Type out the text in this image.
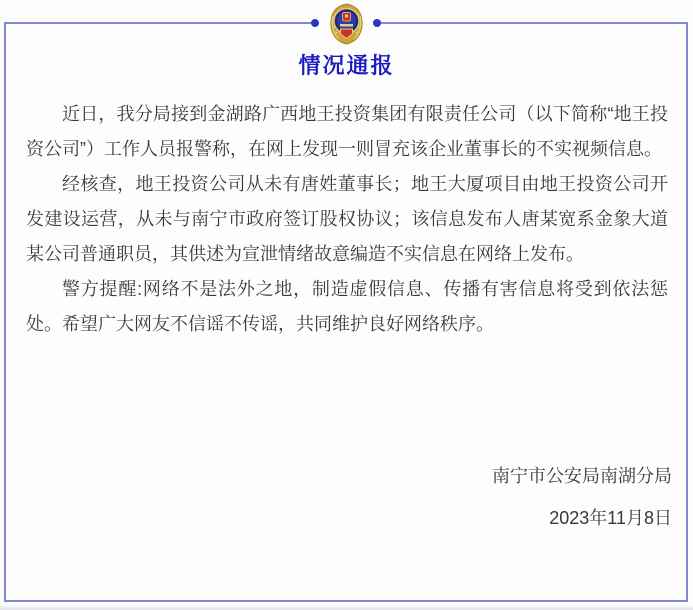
情况通报

近日，我分局接到金湖路广西地王投资集团有限责任公司（以下简称“地王投资公司”）工作人员报警称，在网上发现一则冒充该企业董事长的不实视频信息。

经核查，地王投资公司从未有唐姓董事长；地王大厦项目由地王投资公司开发建设运营，从未与南宁市政府签订股权协议；该信息发布人唐某宽系金象大道某公司普通职员，其供述为宣泄情绪故意编造不实信息在网络上发布。

警方提醒:网络不是法外之地，制造虚假信息、传播有害信息将受到依法惩处。希望广大网友不信谣不传谣，共同维护良好网络秩序。

南宁市公安局南湖分局
2023年11月8日
